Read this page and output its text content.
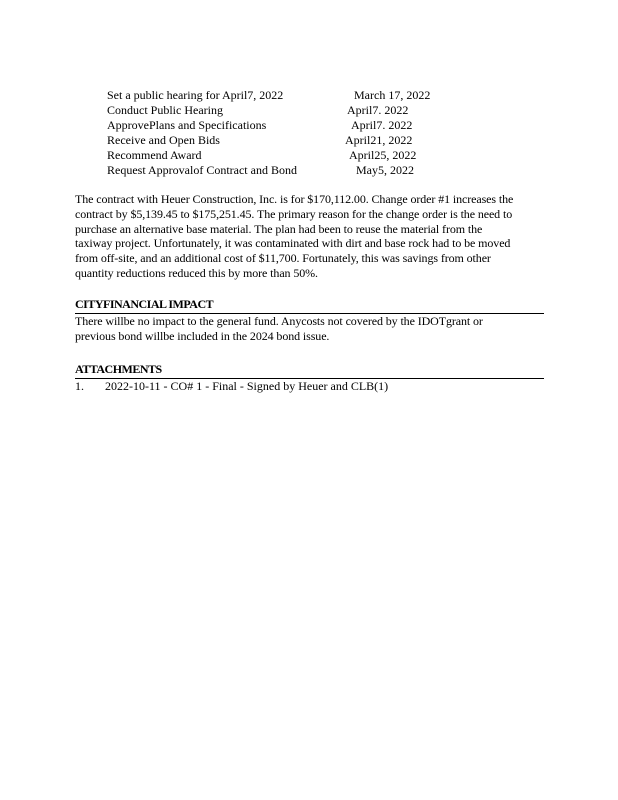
Set a public hearing for April7, 2022	March 17, 2022
Conduct Public Hearing	April7. 2022
ApprovePlans and Specifications	April7. 2022
Receive and Open Bids	April21, 2022
Recommend Award	April25, 2022
Request Approvalof Contract and Bond	May5, 2022
The contract with Heuer Construction, Inc. is for $170,112.00. Change order #1 increases the
contract by $5,139.45 to $175,251.45. The primary reason for the change order is the need to
purchase an alternative base material. The plan had been to reuse the material from the
taxiway project. Unfortunately, it was contaminated with dirt and base rock had to be moved
from off-site, and an additional cost of $11,700. Fortunately, this was savings from other
quantity reductions reduced this by more than 50%.
CITYFINANCIAL IMPACT
There willbe no impact to the general fund. Anycosts not covered by the IDOTgrant or
previous bond willbe included in the 2024 bond issue.
ATTACHMENTS
1. 2022-10-11 - CO# 1 - Final - Signed by Heuer and CLB(1)
